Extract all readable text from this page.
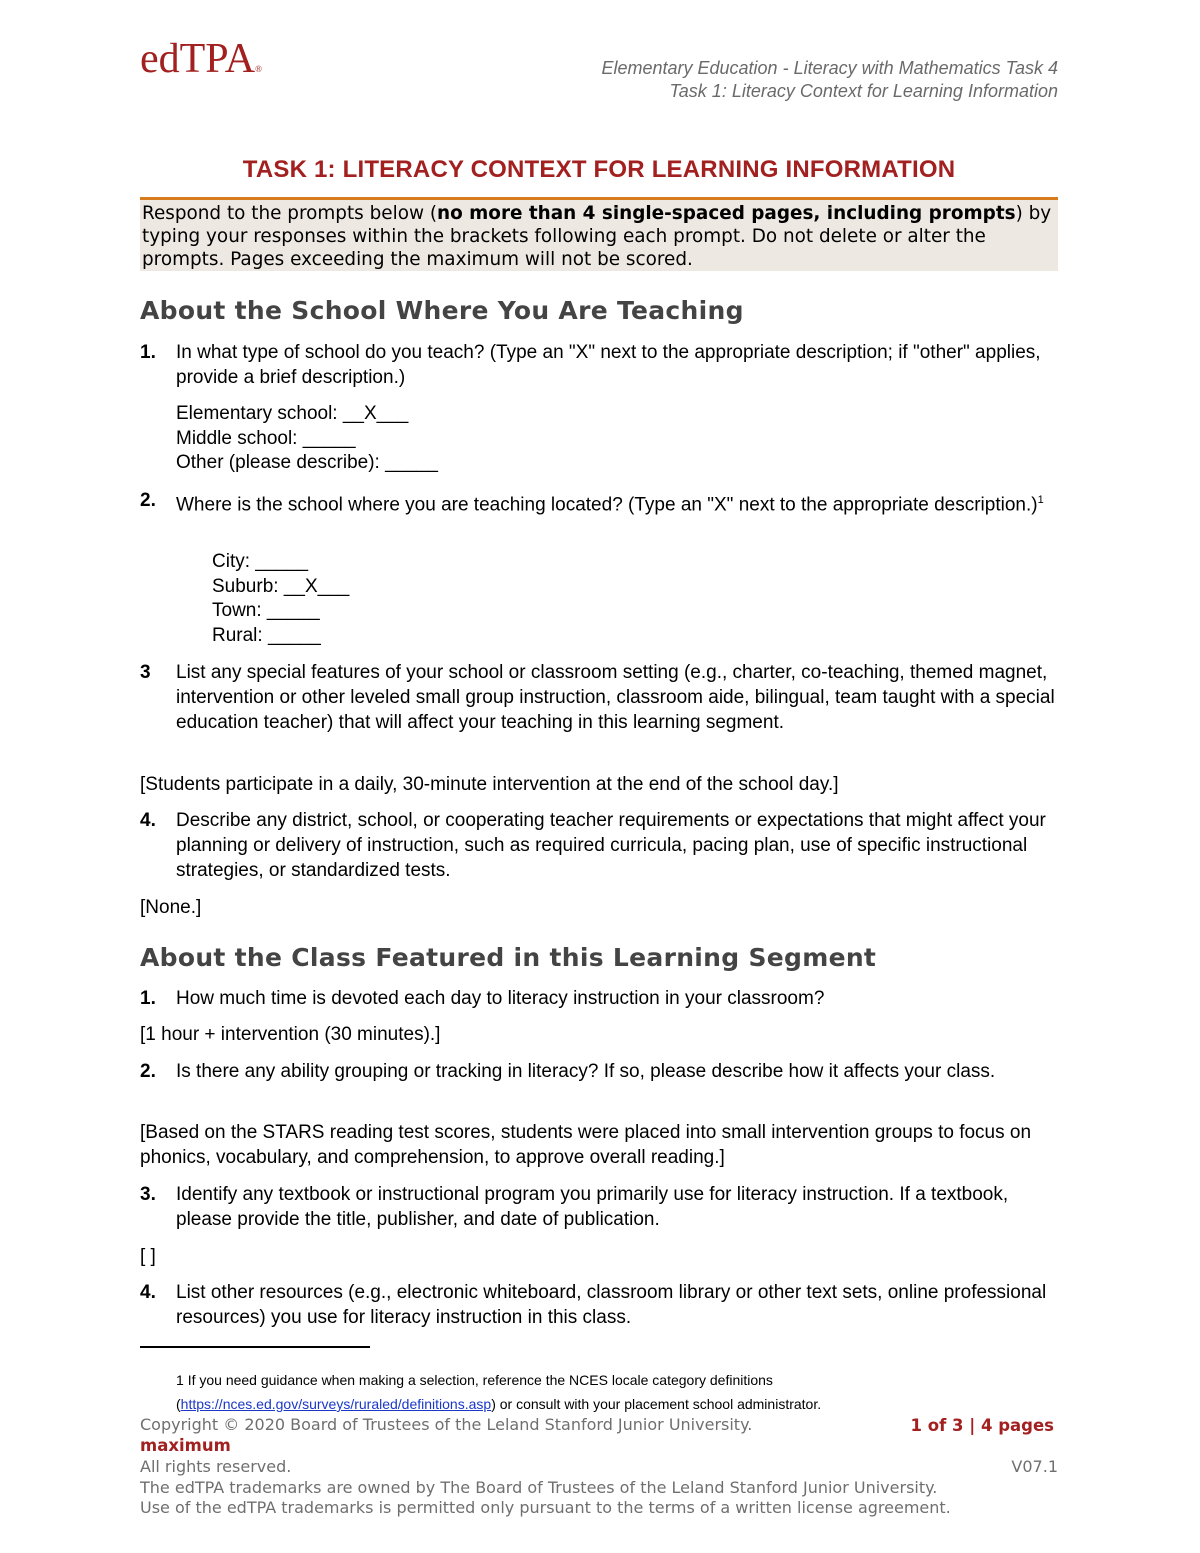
edTPA®	Elementary Education - Literacy with Mathematics Task 4
Task 1: Literacy Context for Learning Information
TASK 1: LITERACY CONTEXT FOR LEARNING INFORMATION
Respond to the prompts below (no more than 4 single-spaced pages, including prompts) by typing your responses within the brackets following each prompt. Do not delete or alter the prompts. Pages exceeding the maximum will not be scored.
About the School Where You Are Teaching
1. In what type of school do you teach? (Type an "X" next to the appropriate description; if "other" applies, provide a brief description.)
Elementary school: __X___
Middle school: _____
Other (please describe): _____
2. Where is the school where you are teaching located? (Type an "X" next to the appropriate description.)$^1$
City: _____
Suburb: __X___
Town: _____
Rural: _____
3 List any special features of your school or classroom setting (e.g., charter, co-teaching, themed magnet, intervention or other leveled small group instruction, classroom aide, bilingual, team taught with a special education teacher) that will affect your teaching in this learning segment.
[Students participate in a daily, 30-minute intervention at the end of the school day.]
4. Describe any district, school, or cooperating teacher requirements or expectations that might affect your planning or delivery of instruction, such as required curricula, pacing plan, use of specific instructional strategies, or standardized tests.
[None.]
About the Class Featured in this Learning Segment
1. How much time is devoted each day to literacy instruction in your classroom?
[1 hour + intervention (30 minutes).]
2. Is there any ability grouping or tracking in literacy? If so, please describe how it affects your class.
[Based on the STARS reading test scores, students were placed into small intervention groups to focus on phonics, vocabulary, and comprehension, to approve overall reading.]
3. Identify any textbook or instructional program you primarily use for literacy instruction. If a textbook, please provide the title, publisher, and date of publication.
[ ]
4. List other resources (e.g., electronic whiteboard, classroom library or other text sets, online professional resources) you use for literacy instruction in this class.
1 If you need guidance when making a selection, reference the NCES locale category definitions
(https://nces.ed.gov/surveys/ruraled/definitions.asp) or consult with your placement school administrator.
Copyright © 2020 Board of Trustees of the Leland Stanford Junior University.	1 of 3 | 4 pages
maximum
All rights reserved.	V07.1
The edTPA trademarks are owned by The Board of Trustees of the Leland Stanford Junior University.
Use of the edTPA trademarks is permitted only pursuant to the terms of a written license agreement.
